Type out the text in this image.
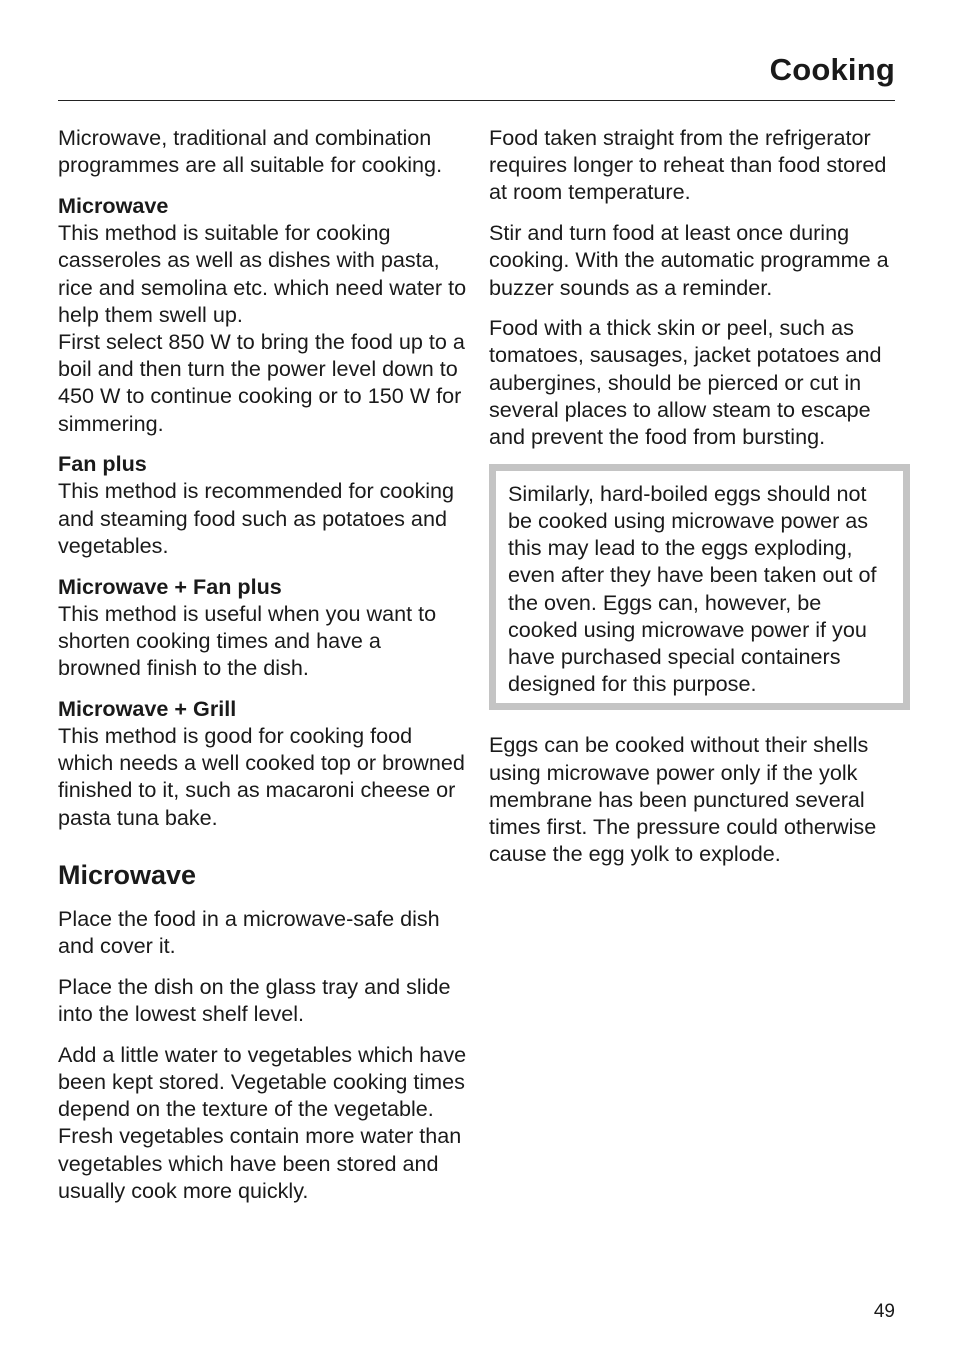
Cooking

Microwave, traditional and combination programmes are all suitable for cooking.

Microwave
This method is suitable for cooking casseroles as well as dishes with pasta, rice and semolina etc. which need water to help them swell up.
First select 850 W to bring the food up to a boil and then turn the power level down to 450 W to continue cooking or to 150 W for simmering.
Fan plus
This method is recommended for cooking and steaming food such as potatoes and vegetables.
Microwave + Fan plus
This method is useful when you want to shorten cooking times and have a browned finish to the dish.
Microwave + Grill
This method is good for cooking food which needs a well cooked top or browned finished to it, such as macaroni cheese or pasta tuna bake.
Microwave

Place the food in a microwave-safe dish and cover it.

Place the dish on the glass tray and slide into the lowest shelf level.

Add a little water to vegetables which have been kept stored. Vegetable cooking times depend on the texture of the vegetable. Fresh vegetables contain more water than vegetables which have been stored and usually cook more quickly.

Food taken straight from the refrigerator requires longer to reheat than food stored at room temperature.

Stir and turn food at least once during cooking. With the automatic programme a buzzer sounds as a reminder.

Food with a thick skin or peel, such as tomatoes, sausages, jacket potatoes and aubergines, should be pierced or cut in several places to allow steam to escape and prevent the food from bursting.

Similarly, hard-boiled eggs should not be cooked using microwave power as this may lead to the eggs exploding, even after they have been taken out of the oven. Eggs can, however, be cooked using microwave power if you have purchased special containers designed for this purpose.

Eggs can be cooked without their shells using microwave power only if the yolk membrane has been punctured several times first. The pressure could otherwise cause the egg yolk to explode.

49
